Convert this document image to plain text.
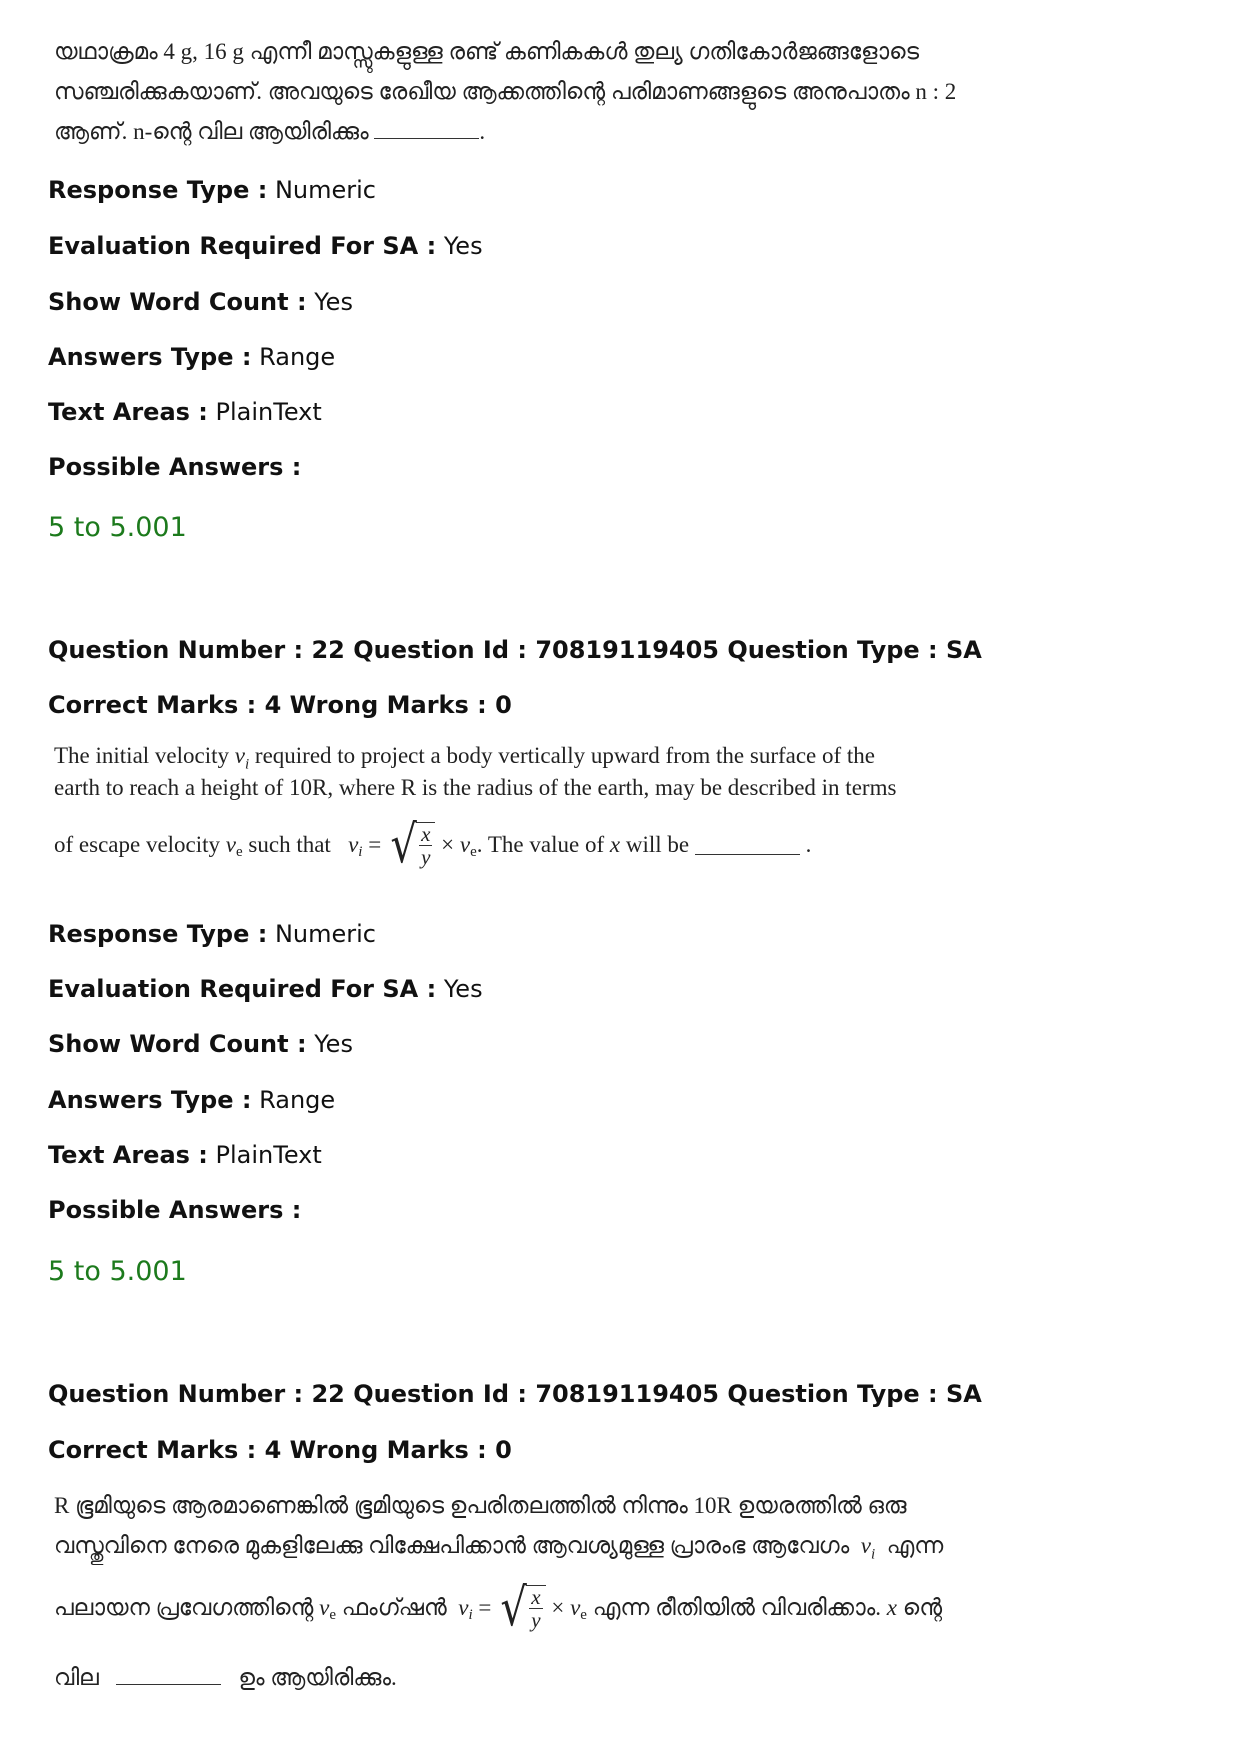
യഥാക്രമം 4 g, 16 g എന്നീ മാസ്സുകളുള്ള രണ്ട് കണികകൾ തുല്യ ഗതികോർജങ്ങളോടെ
സഞ്ചരിക്കുകയാണ്. അവയുടെ രേഖീയ ആക്കത്തിന്റെ പരിമാണങ്ങളുടെ അനുപാതം n : 2
ആണ്. n-ന്റെ വില ആയിരിക്കും	.
Response Type : Numeric
Evaluation Required For SA : Yes
Show Word Count : Yes
Answers Type : Range
Text Areas : PlainText
Possible Answers :
5 to 5.001
Question Number : 22 Question Id : 70819119405 Question Type : SA
Correct Marks : 4 Wrong Marks : 0
The initial velocity $v_i$ required to project a body vertically upward from the surface of the
earth to reach a height of 10R, where R is the radius of the earth, may be described in terms
of escape velocity
$v_e$
such that
v $_i$
=
√ $\frac{x}{y}$
×
$v_e$ . The value of
x
will be

	.
Response Type : Numeric
Evaluation Required For SA : Yes
Show Word Count : Yes
Answers Type : Range
Text Areas : PlainText
Possible Answers :
5 to 5.001
Question Number : 22 Question Id : 70819119405 Question Type : SA
Correct Marks : 4 Wrong Marks : 0
R ഭൂമിയുടെ ആരമാണെങ്കിൽ ഭൂമിയുടെ ഉപരിതലത്തിൽ നിന്നും 10R ഉയരത്തിൽ ഒരു
വസ്തുവിനെ നേരെ മുകളിലേക്കു വിക്ഷേപിക്കാൻ ആവശ്യമുള്ള പ്രാരംഭ ആവേഗം $v_i$ എന്ന
പലായന പ്രവേഗത്തിന്റെ
$v_e$
ഫംഗ്ഷൻ
v $_i$
=
√ $\frac{x}{y}$
×
$v_e$
എന്ന രീതിയിൽ വിവരിക്കാം.
x
ന്റെ
വില	ഉം ആയിരിക്കും.
